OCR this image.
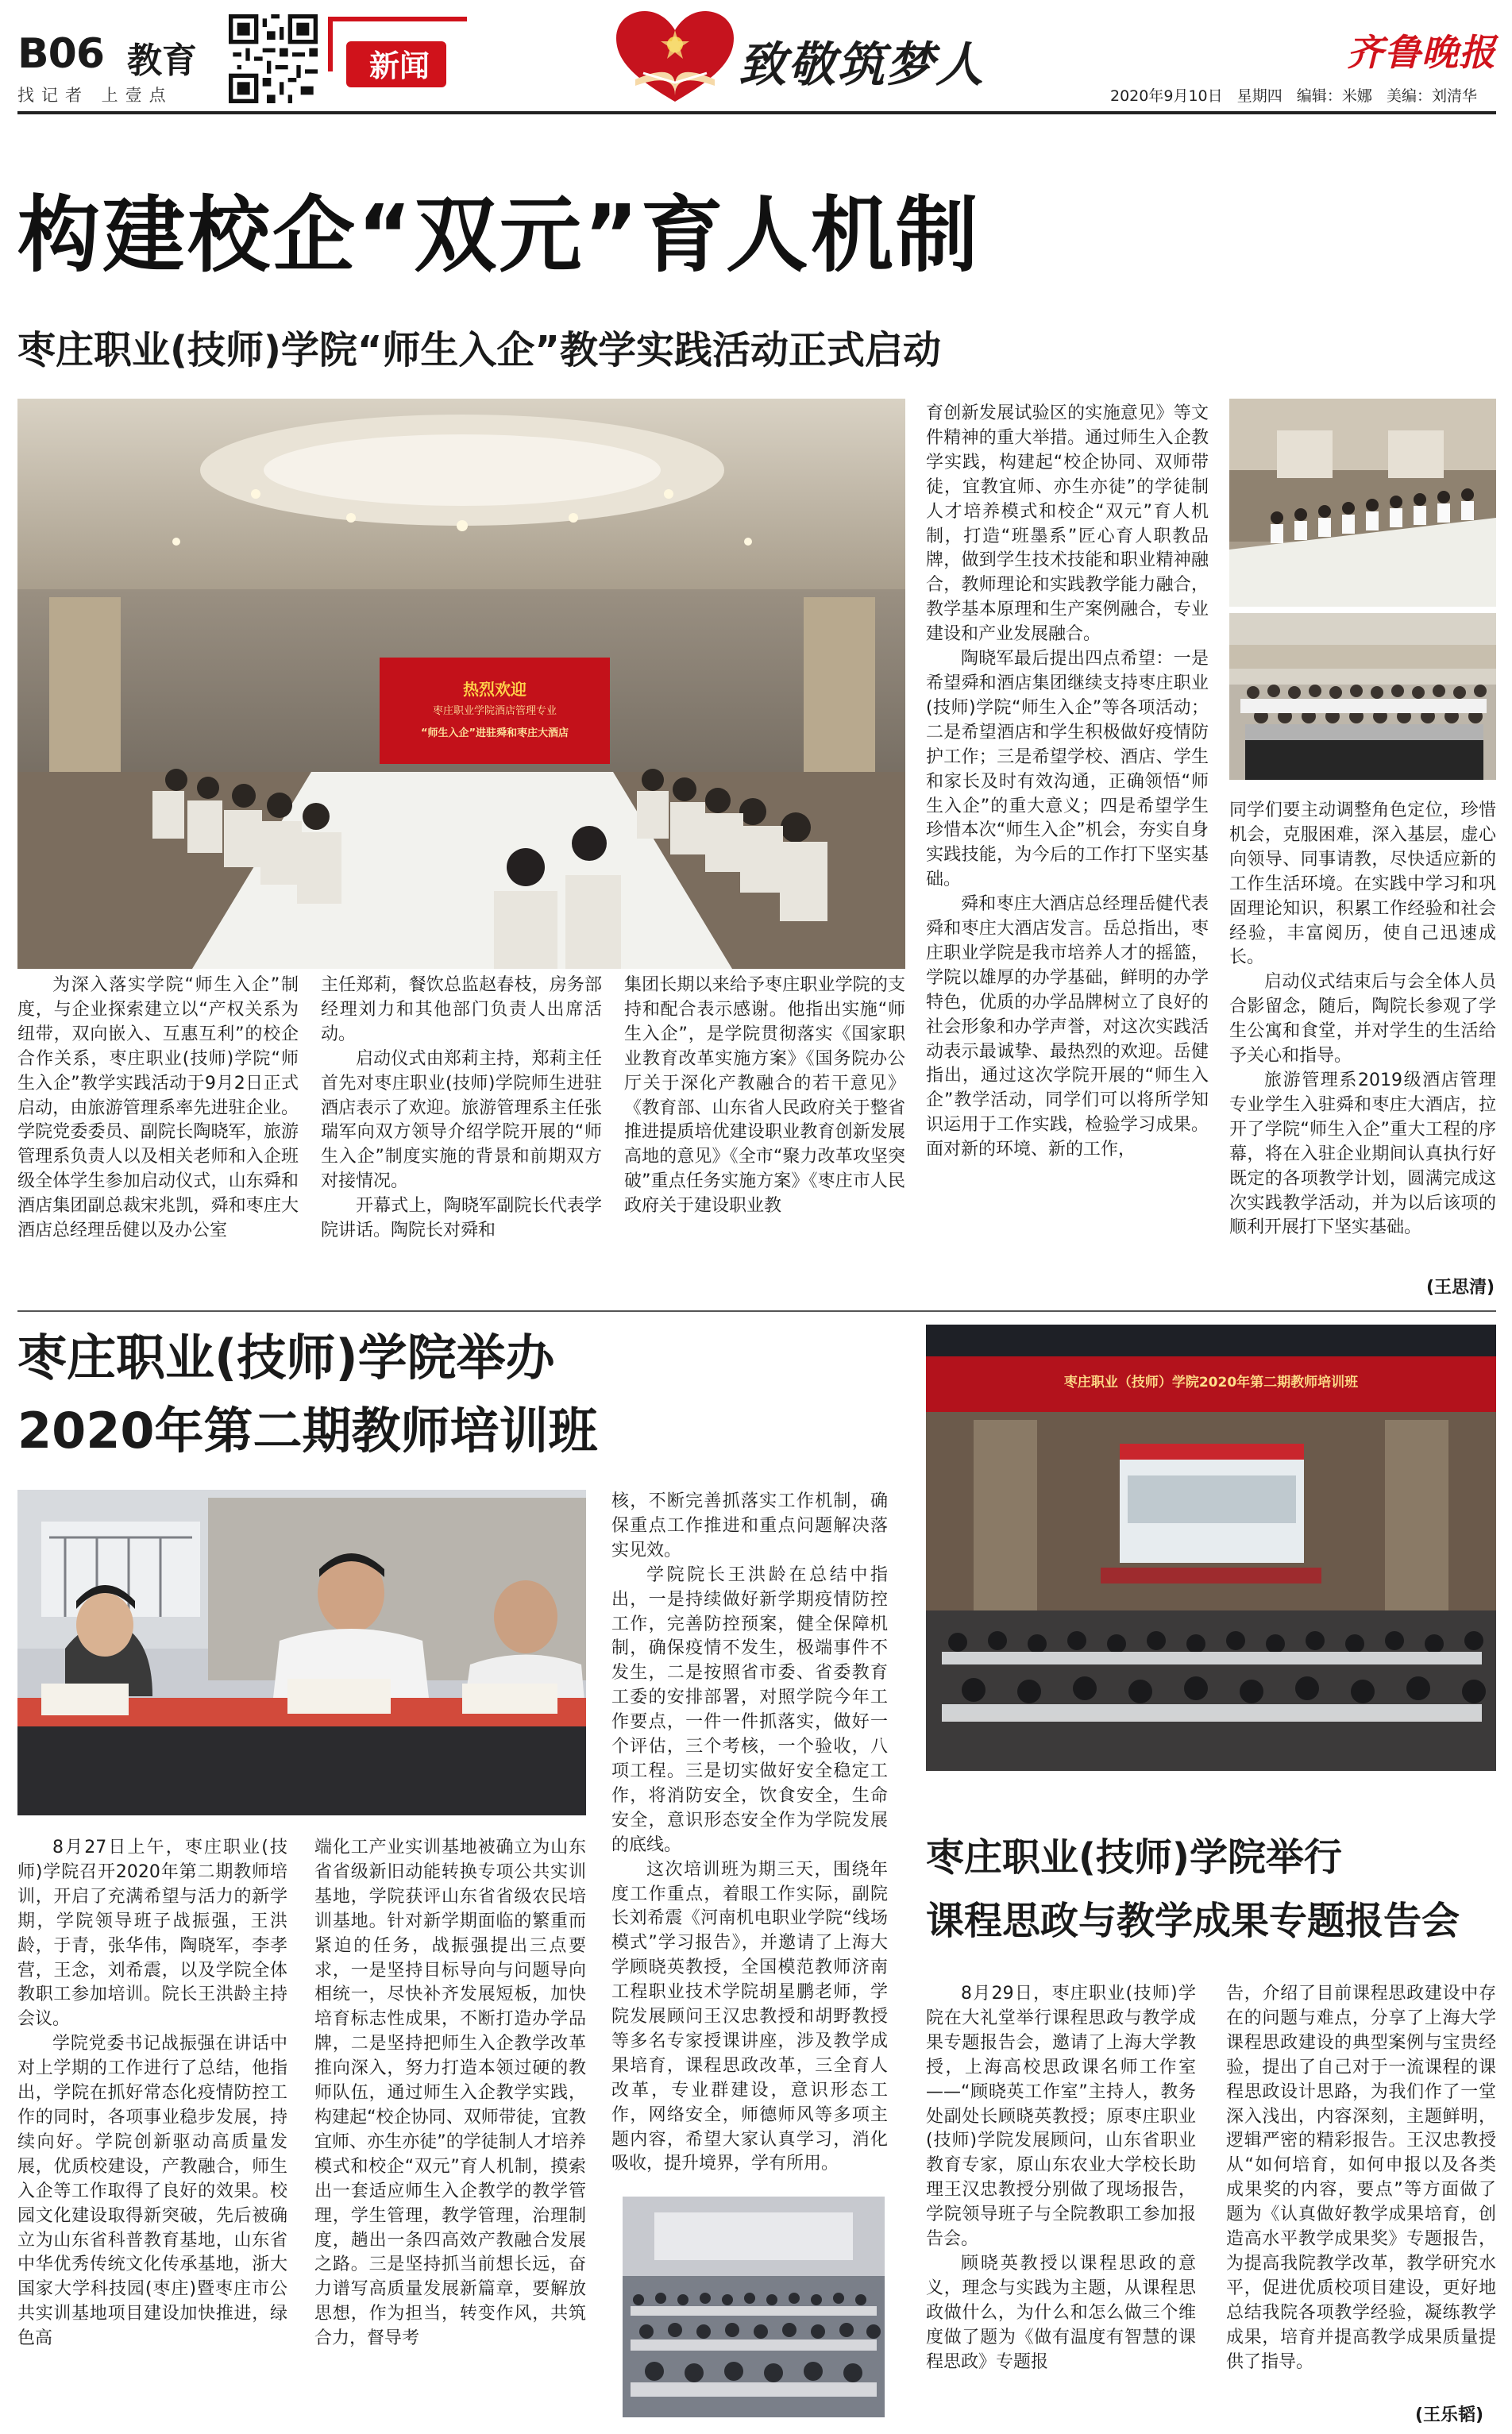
B06 教育
找记者 上壹点
新闻	致敬筑梦人	齐鲁晚报
2020年9月10日   星期四   编辑：米娜   美编：刘清华
构建校企“双元”育人机制
枣庄职业(技师)学院“师生入企”教学实践活动正式启动
热烈欢迎
枣庄职业学院酒店管理专业
“师生入企”进驻舜和枣庄大酒店

为深入落实学院“师生入企”制度，与企业探索建立以“产权关系为纽带，双向嵌入、互惠互利”的校企合作关系，枣庄职业(技师)学院“师生入企”教学实践活动于9月2日正式启动，由旅游管理系率先进驻企业。学院党委委员、副院长陶晓军，旅游管理系负责人以及相关老师和入企班级全体学生参加启动仪式，山东舜和酒店集团副总裁宋兆凯，舜和枣庄大酒店总经理岳健以及办公室

主任郑莉，餐饮总监赵春枝，房务部经理刘力和其他部门负责人出席活动。

启动仪式由郑莉主持，郑莉主任首先对枣庄职业(技师)学院师生进驻酒店表示了欢迎。旅游管理系主任张瑞军向双方领导介绍学院开展的“师生入企”制度实施的背景和前期双方对接情况。

开幕式上，陶晓军副院长代表学院讲话。陶院长对舜和

集团长期以来给予枣庄职业学院的支持和配合表示感谢。他指出实施“师生入企”，是学院贯彻落实《国家职业教育改革实施方案》《国务院办公厅关于深化产教融合的若干意见》《教育部、山东省人民政府关于整省推进提质培优建设职业教育创新发展高地的意见》《全市“聚力改革攻坚突破”重点任务实施方案》《枣庄市人民政府关于建设职业教

育创新发展试验区的实施意见》等文件精神的重大举措。通过师生入企教学实践，构建起“校企协同、双师带徒，宜教宜师、亦生亦徒”的学徒制人才培养模式和校企“双元”育人机制，打造“班墨系”匠心育人职教品牌，做到学生技术技能和职业精神融合，教师理论和实践教学能力融合，教学基本原理和生产案例融合，专业建设和产业发展融合。

陶晓军最后提出四点希望：一是希望舜和酒店集团继续支持枣庄职业(技师)学院“师生入企”等各项活动；二是希望酒店和学生积极做好疫情防护工作；三是希望学校、酒店、学生和家长及时有效沟通，正确领悟“师生入企”的重大意义；四是希望学生珍惜本次“师生入企”机会，夯实自身实践技能，为今后的工作打下坚实基础。

舜和枣庄大酒店总经理岳健代表舜和枣庄大酒店发言。岳总指出，枣庄职业学院是我市培养人才的摇篮，学院以雄厚的办学基础，鲜明的办学特色，优质的办学品牌树立了良好的社会形象和办学声誉，对这次实践活动表示最诚挚、最热烈的欢迎。岳健指出，通过这次学院开展的“师生入企”教学活动，同学们可以将所学知识运用于工作实践，检验学习成果。面对新的环境、新的工作，

同学们要主动调整角色定位，珍惜机会，克服困难，深入基层，虚心向领导、同事请教，尽快适应新的工作生活环境。在实践中学习和巩固理论知识，积累工作经验和社会经验，丰富阅历，使自己迅速成长。

启动仪式结束后与会全体人员合影留念，随后，陶院长参观了学生公寓和食堂，并对学生的生活给予关心和指导。

旅游管理系2019级酒店管理专业学生入驻舜和枣庄大酒店，拉开了学院“师生入企”重大工程的序幕，将在入驻企业期间认真执行好既定的各项教学计划，圆满完成这次实践教学活动，并为以后该项的顺利开展打下坚实基础。

(王思清)
枣庄职业(技师)学院举办
2020年第二期教师培训班

8月27日上午，枣庄职业(技师)学院召开2020年第二期教师培训，开启了充满希望与活力的新学期，学院领导班子战振强，王洪龄，于青，张华伟，陶晓军，李孝营，王念，刘希震，以及学院全体教职工参加培训。院长王洪龄主持会议。

学院党委书记战振强在讲话中对上学期的工作进行了总结，他指出，学院在抓好常态化疫情防控工作的同时，各项事业稳步发展，持续向好。学院创新驱动高质量发展，优质校建设，产教融合，师生入企等工作取得了良好的效果。校园文化建设取得新突破，先后被确立为山东省科普教育基地，山东省中华优秀传统文化传承基地，浙大国家大学科技园(枣庄)暨枣庄市公共实训基地项目建设加快推进，绿色高

端化工产业实训基地被确立为山东省省级新旧动能转换专项公共实训基地，学院获评山东省省级农民培训基地。针对新学期面临的繁重而紧迫的任务，战振强提出三点要求，一是坚持目标导向与问题导向相统一，尽快补齐发展短板，加快培育标志性成果，不断打造办学品牌，二是坚持把师生入企教学改革推向深入，努力打造本领过硬的教师队伍，通过师生入企教学实践，构建起“校企协同、双师带徒，宜教宜师、亦生亦徒”的学徒制人才培养模式和校企“双元”育人机制，摸索出一套适应师生入企教学的教学管理，学生管理，教学管理，治理制度，趟出一条四高效产教融合发展之路。三是坚持抓当前想长远，奋力谱写高质量发展新篇章，要解放思想，作为担当，转变作风，共筑合力，督导考

核，不断完善抓落实工作机制，确保重点工作推进和重点问题解决落实见效。

学院院长王洪龄在总结中指出，一是持续做好新学期疫情防控工作，完善防控预案，健全保障机制，确保疫情不发生，极端事件不发生，二是按照省市委、省委教育工委的安排部署，对照学院今年工作要点，一件一件抓落实，做好一个评估，三个考核，一个验收，八项工程。三是切实做好安全稳定工作，将消防安全，饮食安全，生命安全，意识形态安全作为学院发展的底线。

这次培训班为期三天，围绕年度工作重点，着眼工作实际，副院长刘希震《河南机电职业学院“线场模式”学习报告》，并邀请了上海大学顾晓英教授，全国模范教师济南工程职业技术学院胡星鹏老师，学院发展顾问王汉忠教授和胡野教授等多名专家授课讲座，涉及教学成果培育，课程思政改革，三全育人改革，专业群建设，意识形态工作，网络安全，师德师风等多项主题内容，希望大家认真学习，消化吸收，提升境界，学有所用。

枣庄职业（技师）学院2020年第二期教师培训班
枣庄职业(技师)学院举行
课程思政与教学成果专题报告会

8月29日，枣庄职业(技师)学院在大礼堂举行课程思政与教学成果专题报告会，邀请了上海大学教授，上海高校思政课名师工作室——“顾晓英工作室”主持人，教务处副处长顾晓英教授；原枣庄职业(技师)学院发展顾问，山东省职业教育专家，原山东农业大学校长助理王汉忠教授分别做了现场报告，学院领导班子与全院教职工参加报告会。

顾晓英教授以课程思政的意义，理念与实践为主题，从课程思政做什么，为什么和怎么做三个维度做了题为《做有温度有智慧的课程思政》专题报

告，介绍了目前课程思政建设中存在的问题与难点，分享了上海大学课程思政建设的典型案例与宝贵经验，提出了自己对于一流课程的课程思政设计思路，为我们作了一堂深入浅出，内容深刻，主题鲜明，逻辑严密的精彩报告。王汉忠教授从“如何培育，如何申报以及各类成果奖的内容，要点”等方面做了题为《认真做好教学成果培育，创造高水平教学成果奖》专题报告，为提高我院教学改革，教学研究水平，促进优质校项目建设，更好地总结我院各项教学经验，凝练教学成果，培育并提高教学成果质量提供了指导。

(王乐韬)
